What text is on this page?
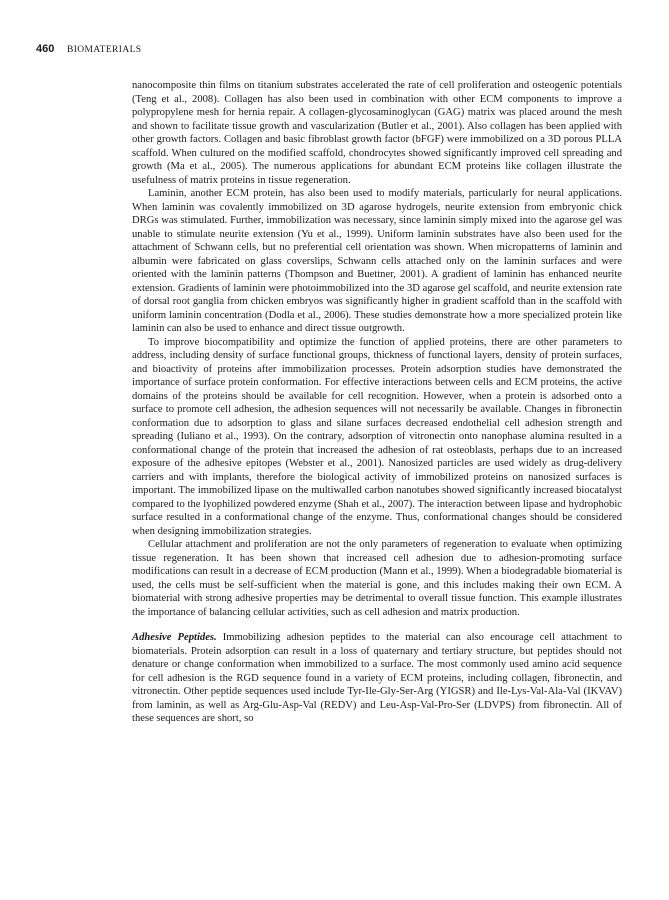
460 BIOMATERIALS

nanocomposite thin films on titanium substrates accelerated the rate of cell proliferation and osteogenic potentials (Teng et al., 2008). Collagen has also been used in combination with other ECM components to improve a polypropylene mesh for hernia repair. A collagen-glycosaminoglycan (GAG) matrix was placed around the mesh and shown to facilitate tissue growth and vascularization (Butler et al., 2001). Also collagen has been applied with other growth factors. Collagen and basic fibroblast growth factor (bFGF) were immobilized on a 3D porous PLLA scaffold. When cultured on the modified scaffold, chondrocytes showed significantly improved cell spreading and growth (Ma et al., 2005). The numerous applications for abundant ECM proteins like collagen illustrate the usefulness of matrix proteins in tissue regeneration.

Laminin, another ECM protein, has also been used to modify materials, particularly for neural applications. When laminin was covalently immobilized on 3D agarose hydrogels, neurite extension from embryonic chick DRGs was stimulated. Further, immobilization was necessary, since laminin simply mixed into the agarose gel was unable to stimulate neurite extension (Yu et al., 1999). Uniform laminin substrates have also been used for the attachment of Schwann cells, but no preferential cell orientation was shown. When micropatterns of laminin and albumin were fabricated on glass coverslips, Schwann cells attached only on the laminin surfaces and were oriented with the laminin patterns (Thompson and Buettner, 2001). A gradient of laminin has enhanced neurite extension. Gradients of laminin were photoimmobilized into the 3D agarose gel scaffold, and neurite extension rate of dorsal root ganglia from chicken embryos was significantly higher in gradient scaffold than in the scaffold with uniform laminin concentration (Dodla et al., 2006). These studies demonstrate how a more specialized protein like laminin can also be used to enhance and direct tissue outgrowth.

To improve biocompatibility and optimize the function of applied proteins, there are other parameters to address, including density of surface functional groups, thickness of functional layers, density of protein surfaces, and bioactivity of proteins after immobilization processes. Protein adsorption studies have demonstrated the importance of surface protein conformation. For effective interactions between cells and ECM proteins, the active domains of the proteins should be available for cell recognition. However, when a protein is adsorbed onto a surface to promote cell adhesion, the adhesion sequences will not necessarily be available. Changes in fibronectin conformation due to adsorption to glass and silane surfaces decreased endothelial cell adhesion strength and spreading (Iuliano et al., 1993). On the contrary, adsorption of vitronectin onto nanophase alumina resulted in a conformational change of the protein that increased the adhesion of rat osteoblasts, perhaps due to an increased exposure of the adhesive epitopes (Webster et al., 2001). Nanosized particles are used widely as drug-delivery carriers and with implants, therefore the biological activity of immobilized proteins on nanosized surfaces is important. The immobilized lipase on the multiwalled carbon nanotubes showed significantly increased biocatalyst compared to the lyophilized powdered enzyme (Shah et al., 2007). The interaction between lipase and hydrophobic surface resulted in a conformational change of the enzyme. Thus, conformational changes should be considered when designing immobilization strategies.

Cellular attachment and proliferation are not the only parameters of regeneration to evaluate when optimizing tissue regeneration. It has been shown that increased cell adhesion due to adhesion-promoting surface modifications can result in a decrease of ECM production (Mann et al., 1999). When a biodegradable biomaterial is used, the cells must be self-sufficient when the material is gone, and this includes making their own ECM. A biomaterial with strong adhesive properties may be detrimental to overall tissue function. This example illustrates the importance of balancing cellular activities, such as cell adhesion and matrix production.

Adhesive Peptides. Immobilizing adhesion peptides to the material can also encourage cell attachment to biomaterials. Protein adsorption can result in a loss of quaternary and tertiary structure, but peptides should not denature or change conformation when immobilized to a surface. The most commonly used amino acid sequence for cell adhesion is the RGD sequence found in a variety of ECM proteins, including collagen, fibronectin, and vitronectin. Other peptide sequences used include Tyr-Ile-Gly-Ser-Arg (YIGSR) and Ile-Lys-Val-Ala-Val (IKVAV) from laminin, as well as Arg-Glu-Asp-Val (REDV) and Leu-Asp-Val-Pro-Ser (LDVPS) from fibronectin. All of these sequences are short, so
